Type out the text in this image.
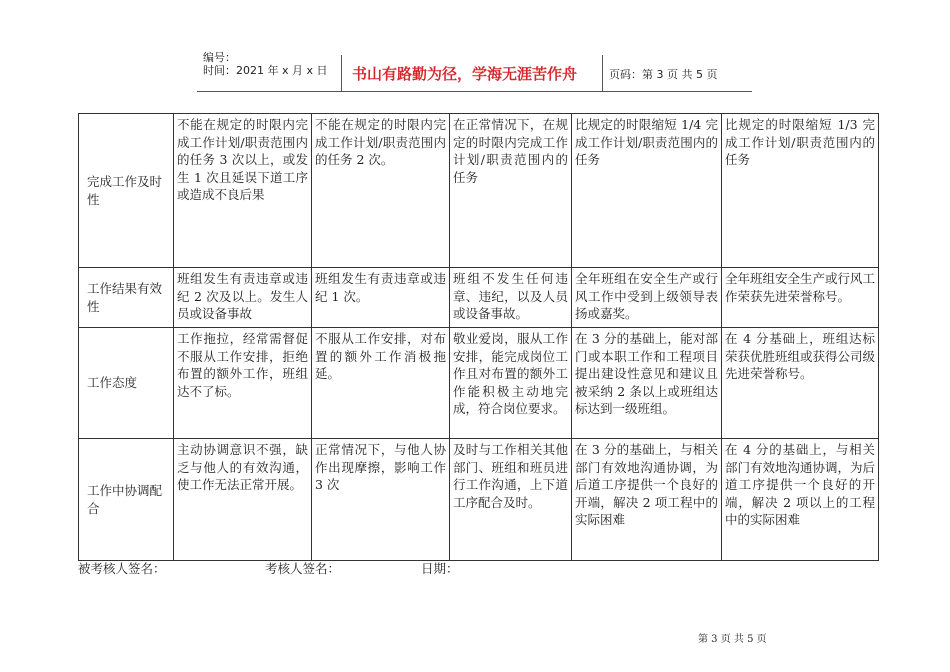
编号：
时间：2021 年 x 月 x 日 书山有路勤为径，学海无涯苦作舟	页码：第 3 页 共 5 页
完成工作及时性	不能在规定的时限内完成工作计划/职责范围内的任务 3 次以上，或发生 1 次且延误下道工序或造成不良后果	不能在规定的时限内完成工作计划/职责范围内的任务 2 次。	在正常情况下，在规定的时限内完成工作计划/职责范围内的任务	比规定的时限缩短 1/4 完成工作计划/职责范围内的任务	比规定的时限缩短 1/3 完成工作计划/职责范围内的任务
工作结果有效性	班组发生有责违章或违纪 2 次及以上。发生人员或设备事故	班组发生有责违章或违纪 1 次。	班组不发生任何违章、违纪，以及人员或设备事故。	全年班组在安全生产或行风工作中受到上级领导表扬或嘉奖。	全年班组安全生产或行风工作荣获先进荣誉称号。
工作态度	工作拖拉，经常需督促不服从工作安排，拒绝布置的额外工作，班组达不了标。	不服从工作安排，对布置的额外工作消极拖延。	敬业爱岗，服从工作安排，能完成岗位工作且对布置的额外工作能积极主动地完成，符合岗位要求。	在 3 分的基础上，能对部门或本职工作和工程项目提出建设性意见和建议且被采纳 2 条以上或班组达标达到一级班组。	在 4 分基础上，班组达标荣获优胜班组或获得公司级先进荣誉称号。
工作中协调配合	主动协调意识不强，缺乏与他人的有效沟通，使工作无法正常开展。	正常情况下，与他人协作出现摩擦，影响工作 3 次	及时与工作相关其他部门、班组和班员进行工作沟通，上下道工序配合及时。	在 3 分的基础上，与相关部门有效地沟通协调，为后道工序提供一个良好的开端，解决 2 项工程中的实际困难	在 4 分的基础上，与相关部门有效地沟通协调，为后道工序提供一个良好的开端，解决 2 项以上的工程中的实际困难
被考核人签名：	考核人签名：	日期：
第 3 页 共 5 页
